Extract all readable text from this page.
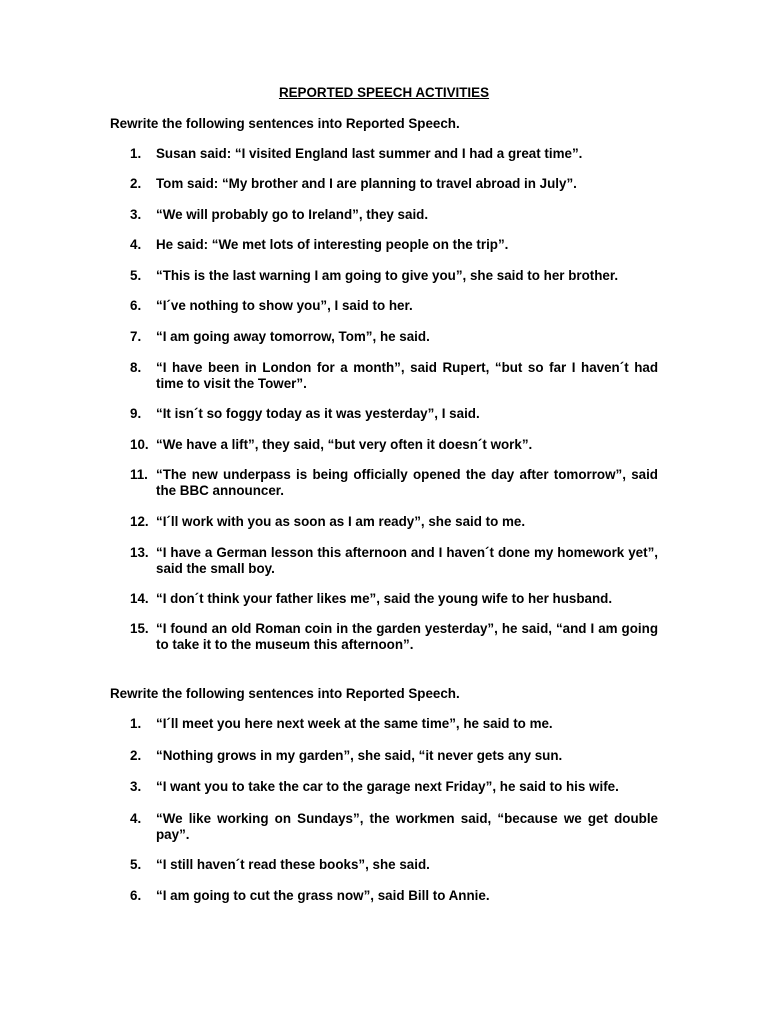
REPORTED SPEECH ACTIVITIES
Rewrite the following sentences into Reported Speech.
1.	Susan said: “I visited England last summer and I had a great time”.
2.	Tom said: “My brother and I are planning to travel abroad in July”.
3.	“We will probably go to Ireland”, they said.
4.	He said: “We met lots of interesting people on the trip”.
5.	“This is the last warning I am going to give you”, she said to her brother.
6.	“I´ve nothing to show you”, I said to her.
7.	“I am going away tomorrow, Tom”, he said.
8.	“I have been in London for a month”, said Rupert, “but so far I haven´t had time to visit the Tower”.
9.	“It isn´t so foggy today as it was yesterday”, I said.
10. “We have a lift”, they said, “but very often it doesn´t work”.
11. “The new underpass is being officially opened the day after tomorrow”, said the BBC announcer.
12. “I´ll work with you as soon as I am ready”, she said to me.
13. “I have a German lesson this afternoon and I haven´t done my homework yet”, said the small boy.
14. “I don´t think your father likes me”, said the young wife to her husband.
15. “I found an old Roman coin in the garden yesterday”, he said, “and I am going to take it to the museum this afternoon”.
Rewrite the following sentences into Reported Speech.
1.	“I´ll meet you here next week at the same time”, he said to me.
2.	“Nothing grows in my garden”, she said, “it never gets any sun.
3.	“I want you to take the car to the garage next Friday”, he said to his wife.
4.	“We like working on Sundays”, the workmen said, “because we get double pay”.
5.	“I still haven´t read these books”, she said.
6.	“I am going to cut the grass now”, said Bill to Annie.
